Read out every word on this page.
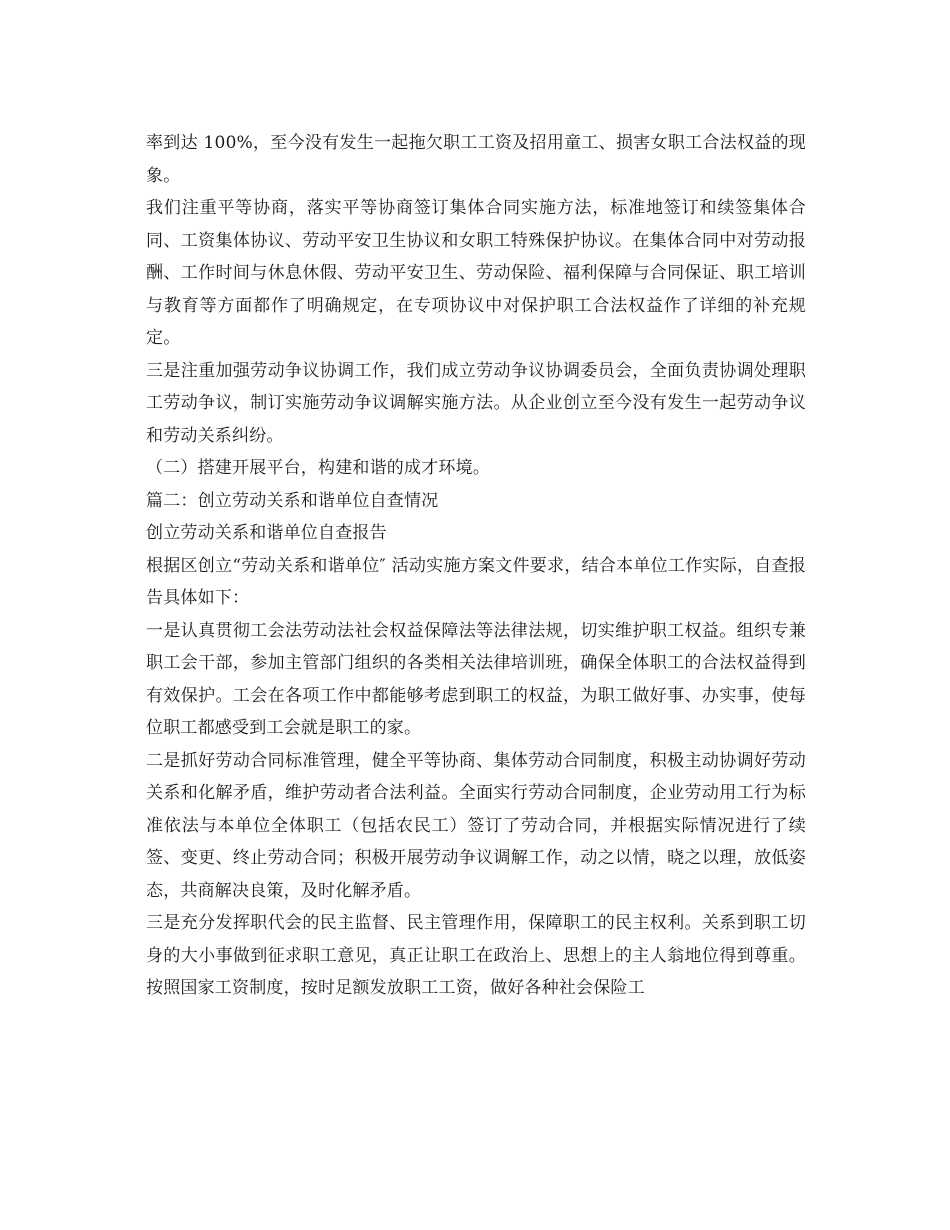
率到达 100%，至今没有发生一起拖欠职工工资及招用童工、损害女职工合法权益的现象。

我们注重平等协商，落实平等协商签订集体合同实施方法，标准地签订和续签集体合同、工资集体协议、劳动平安卫生协议和女职工特殊保护协议。在集体合同中对劳动报酬、工作时间与休息休假、劳动平安卫生、劳动保险、福利保障与合同保证、职工培训与教育等方面都作了明确规定，在专项协议中对保护职工合法权益作了详细的补充规定。

三是注重加强劳动争议协调工作，我们成立劳动争议协调委员会，全面负责协调处理职工劳动争议，制订实施劳动争议调解实施方法。从企业创立至今没有发生一起劳动争议和劳动关系纠纷。

（二）搭建开展平台，构建和谐的成才环境。

篇二：创立劳动关系和谐单位自查情况

创立劳动关系和谐单位自查报告

根据区创立“劳动关系和谐单位″ 活动实施方案文件要求，结合本单位工作实际，自查报告具体如下：

一是认真贯彻工会法劳动法社会权益保障法等法律法规，切实维护职工权益。组织专兼职工会干部，参加主管部门组织的各类相关法律培训班，确保全体职工的合法权益得到有效保护。工会在各项工作中都能够考虑到职工的权益，为职工做好事、办实事，使每位职工都感受到工会就是职工的家。

二是抓好劳动合同标准管理，健全平等协商、集体劳动合同制度，积极主动协调好劳动关系和化解矛盾，维护劳动者合法利益。全面实行劳动合同制度，企业劳动用工行为标准依法与本单位全体职工（包括农民工）签订了劳动合同，并根据实际情况进行了续签、变更、终止劳动合同；积极开展劳动争议调解工作，动之以情，晓之以理，放低姿态，共商解决良策，及时化解矛盾。

三是充分发挥职代会的民主监督、民主管理作用，保障职工的民主权利。关系到职工切身的大小事做到征求职工意见，真正让职工在政治上、思想上的主人翁地位得到尊重。按照国家工资制度，按时足额发放职工工资，做好各种社会保险工
